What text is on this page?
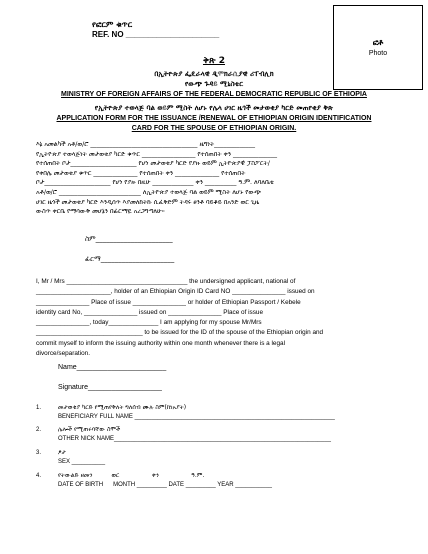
የፎርም ቁጥር
REF. NO _____________________
ፎቶ
Photo
ቅጽ 2
በኢትዮጵያ ፌዴራላዊ ዲሞክራሲያዊ ሪፐብሊክ
የውጭ ጉዳይ ሚኒስቴር
MINISTRY OF FOREIGN AFFAIRS OF THE FEDERAL DEMOCRATIC REPUBLIC OF ETHIOPIA
የኢትዮጵያ ተወላጅ ባል ወይም ሚስት ለሆኑ የሌላ ሀገር ዜጎች መታወቂያ ካርድ መጠየቂያ ቅጽ
APPLICATION FORM FOR THE ISSUANCE /RENEWAL OF ETHIOPIAN ORIGIN IDENTIFICATION
CARD FOR THE SPOUSE OF ETHIOPIAN ORIGIN.
እኔ አመልካች አቶ/ወ/ሮ __________________________________ ዜግነት_____________
የኢትዮጵያ ተወላጅነት መታወቂያ ካርድ ቁጥር _________________ የተሰጠበት ቀን ______________
የተሰጠበት ቦታ_____________________ የሆነ መታወቂያ ካርድ የያዙ ወይም ኢትዮጵያዊ ፓስፖርት/
የቀበሌ መታወቂያ ቁጥር ______________ የተሰጠበት ቀን ______________ የተሰጠበት
ቦታ_____________________ የሆነ የያዙ በዚሁ _____________ ቀን __________ ዓ.ም. ለባለቤቴ
አቶ/ወ/ሮ __________________________ ለኢትዮጵያ ተወላጅ ባል ወይም ሚስት ለሆኑ የውጭ
ሀገር ዜጎች መታወቂያ ካርድ እንዲሰጥ እያመለከትኩ ሲፈቅድም ትዳሩ ፀንቶ ባይቆይ በአንድ ወር ጊዜ
ውስጥ ቀርቤ የማሳውቅ መሆኔን በፊርማዬ አረጋግጣለሁ።
ስም______________________
ፊርማ_____________________
I, Mr / Mrs __________________________________ the undersigned applicant, national of
_____________________, holder of an Ethiopian Origin ID Card NO _______________ issued on
_______________ Place of issue _______________ or holder of Ethiopian Passport / Kebele
identity card No, _______________ issued on _______________ Place of issue
_______________, today______________ I am applying for my spouse Mr/Mrs
______________________________ to be issued for the ID of the spouse of the Ethiopian origin and
commit myself to inform the issuing authority within one month whenever there is a legal
divorce/separation.
Name_______________________
Signature___________________
1.	መታወቂያ ካርድ የሚጠየቅለት ግለሰብ ሙሉ ስም(ከነአያት)
BENEFICIARY FULL NAME ____________________________________________________________
2.	ሌሎች የሚጠሩባቸው ስሞች
OTHER NICK NAME_________________________________________________________________
3.	ፆታ
SEX __________
4.	የትውልድ ዘመን          ወር                 ቀን                 ዓ.ም.
DATE OF BIRTH      MONTH _________ DATE _________ YEAR ___________
